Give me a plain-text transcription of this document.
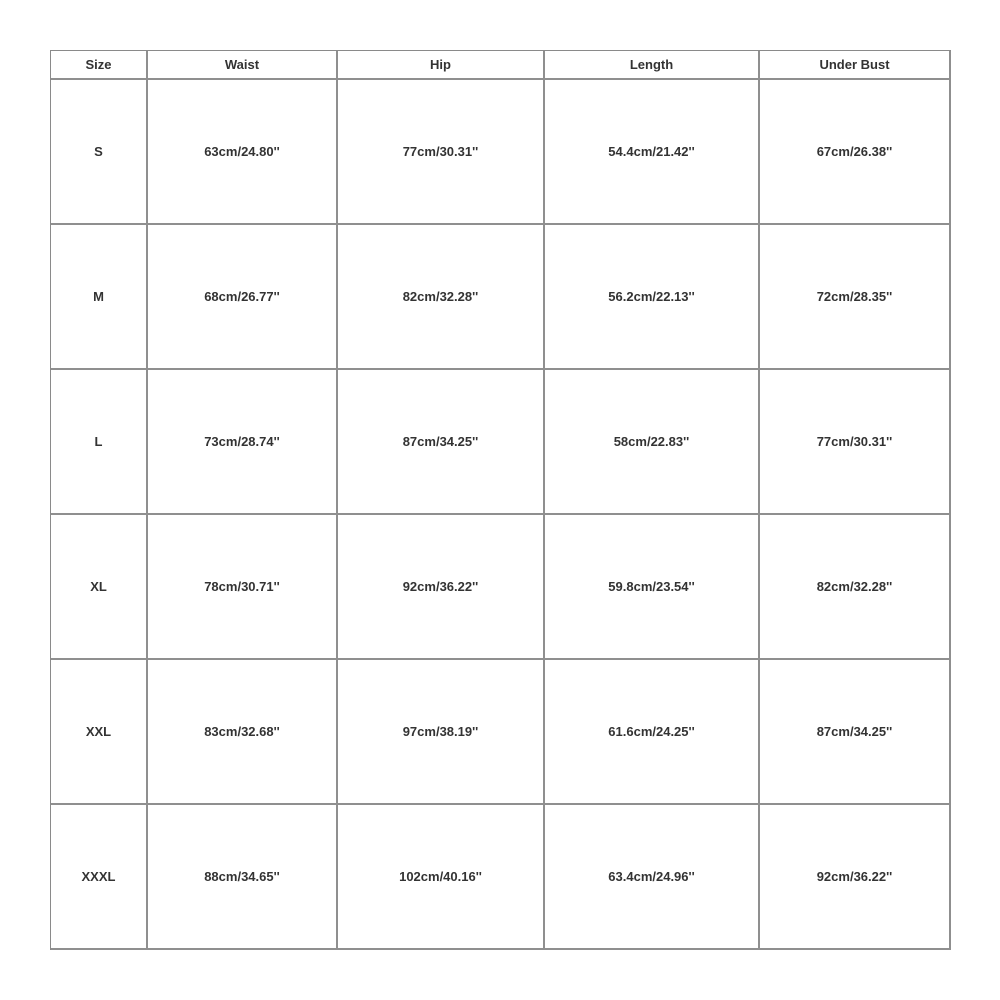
Size	Waist	Hip	Length	Under Bust
S	63cm/24.80''	77cm/30.31''	54.4cm/21.42''	67cm/26.38''
M	68cm/26.77''	82cm/32.28''	56.2cm/22.13''	72cm/28.35''
L	73cm/28.74''	87cm/34.25''	58cm/22.83''	77cm/30.31''
XL	78cm/30.71''	92cm/36.22''	59.8cm/23.54''	82cm/32.28''
XXL	83cm/32.68''	97cm/38.19''	61.6cm/24.25''	87cm/34.25''
XXXL	88cm/34.65''	102cm/40.16''	63.4cm/24.96''	92cm/36.22''
